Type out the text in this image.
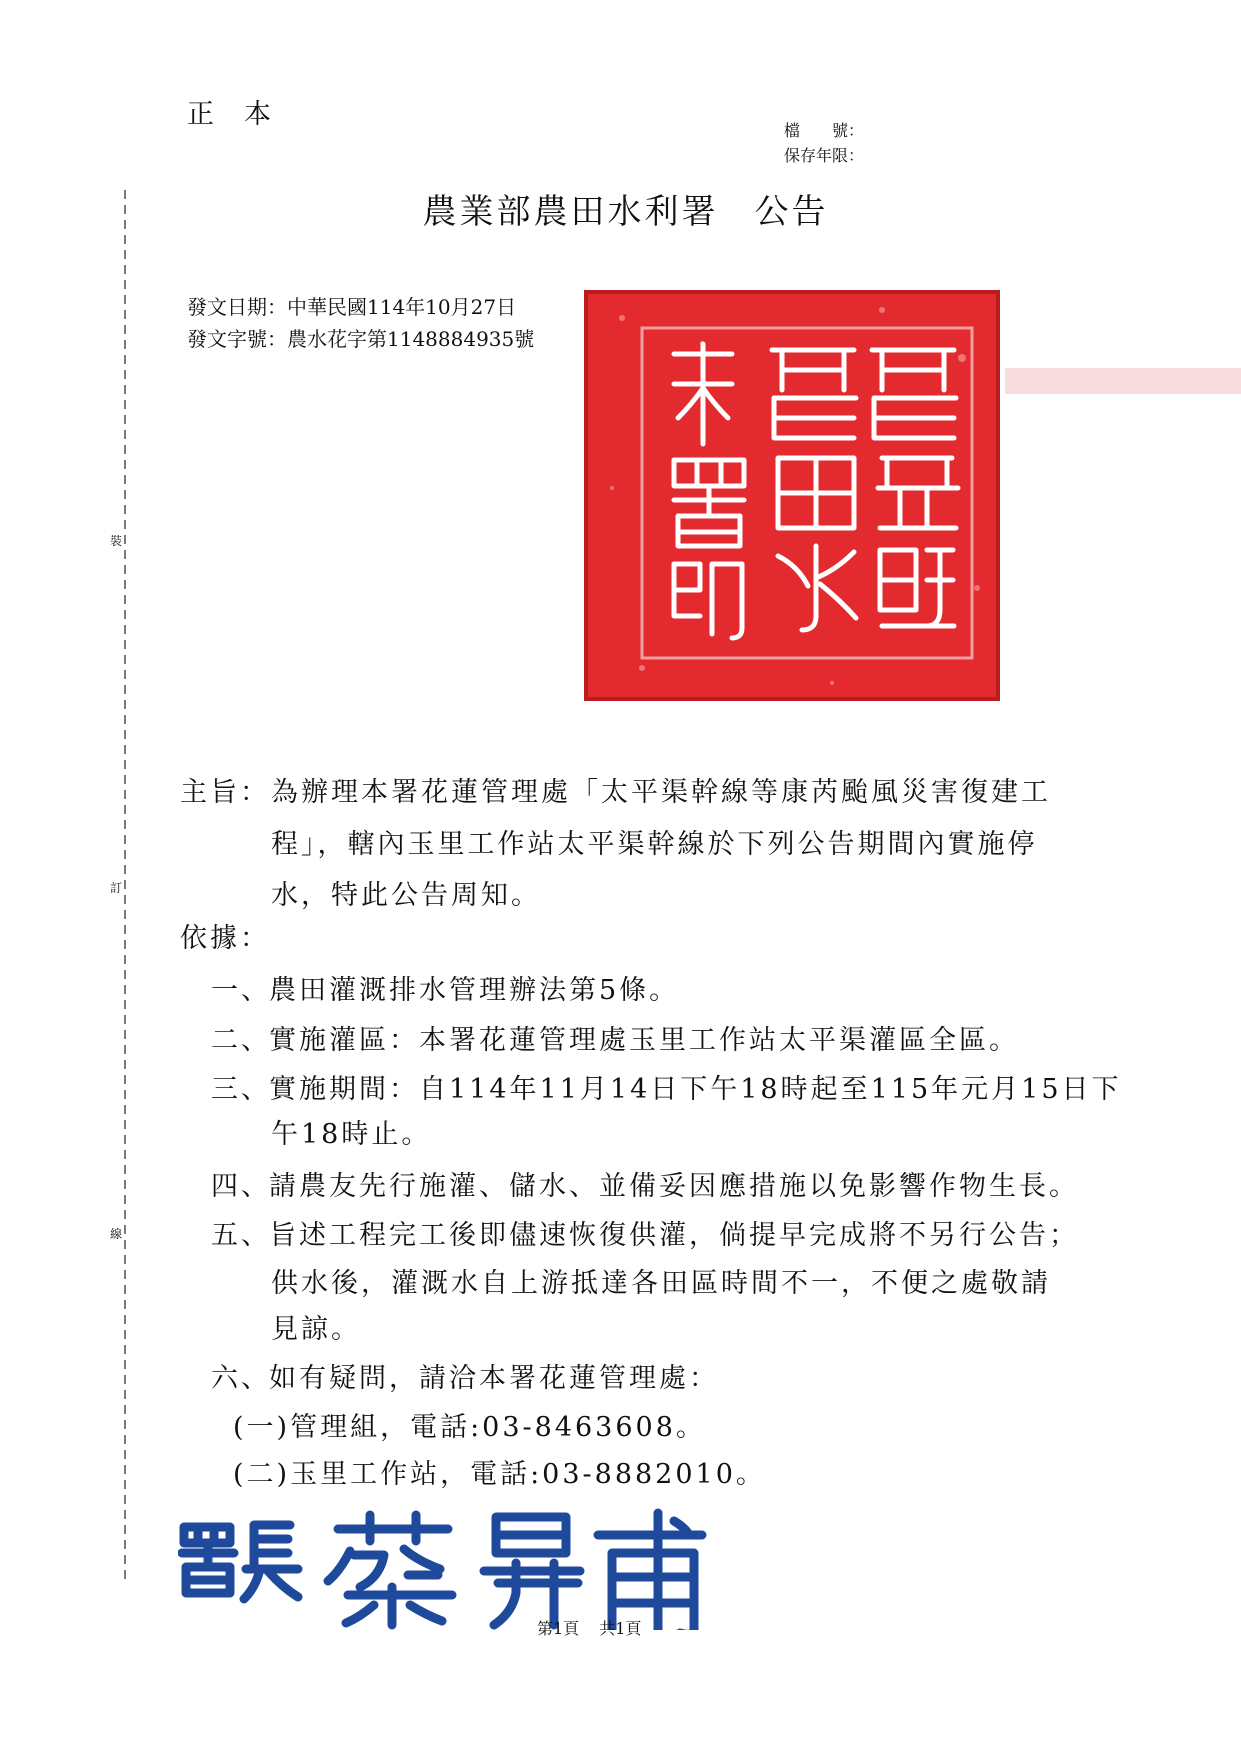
正本
檔　　號：
保存年限：
農業部農田水利署 公告
發文日期：中華民國114年10月27日
發文字號：農水花字第1148884935號
裝
訂
線
主旨： 為辦理本署花蓮管理處「太平渠幹線等康芮颱風災害復建工
程」，轄內玉里工作站太平渠幹線於下列公告期間內實施停
水，特此公告周知。
依據：
一、農田灌溉排水管理辦法第5條。
二、實施灌區：本署花蓮管理處玉里工作站太平渠灌區全區。
三、實施期間：自114年11月14日下午18時起至115年元月15日下
午18時止。
四、請農友先行施灌、儲水、並備妥因應措施以免影響作物生長。
五、旨述工程完工後即儘速恢復供灌，倘提早完成將不另行公告；
供水後，灌溉水自上游抵達各田區時間不一，不便之處敬請
見諒。
六、如有疑問，請洽本署花蓮管理處：
(一)管理組，電話:03-8463608。
(二)玉里工作站，電話:03-8882010。
第1頁 共1頁
